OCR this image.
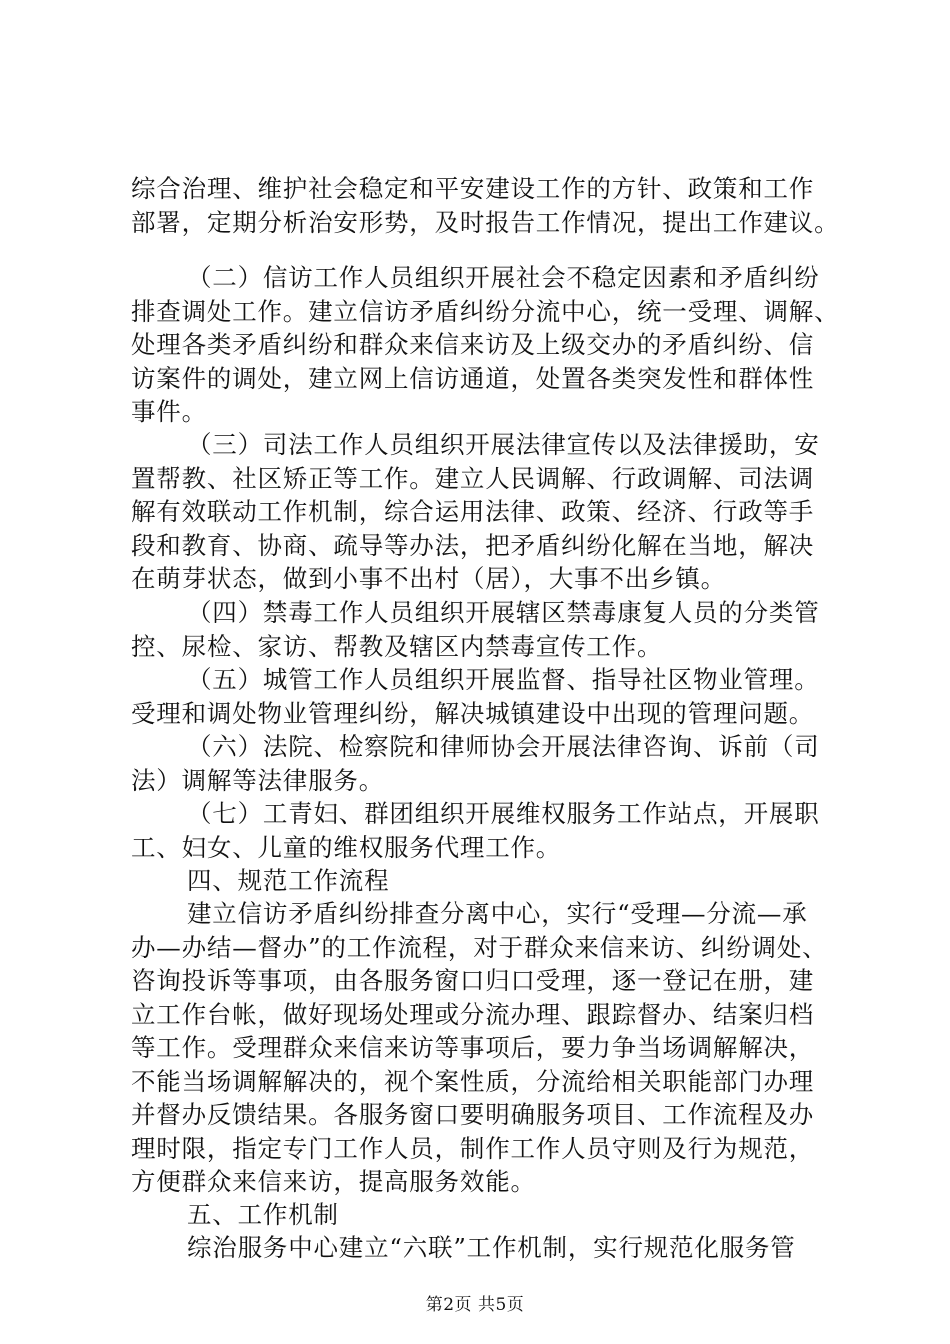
综合治理、维护社会稳定和平安建设工作的方针、政策和工作
部署，定期分析治安形势，及时报告工作情况，提出工作建议。
（二）信访工作人员组织开展社会不稳定因素和矛盾纠纷
排查调处工作。建立信访矛盾纠纷分流中心，统一受理、调解、
处理各类矛盾纠纷和群众来信来访及上级交办的矛盾纠纷、信
访案件的调处，建立网上信访通道，处置各类突发性和群体性
事件。
（三）司法工作人员组织开展法律宣传以及法律援助，安
置帮教、社区矫正等工作。建立人民调解、行政调解、司法调
解有效联动工作机制，综合运用法律、政策、经济、行政等手
段和教育、协商、疏导等办法，把矛盾纠纷化解在当地，解决
在萌芽状态，做到小事不出村（居），大事不出乡镇。
（四）禁毒工作人员组织开展辖区禁毒康复人员的分类管
控、尿检、家访、帮教及辖区内禁毒宣传工作。
（五）城管工作人员组织开展监督、指导社区物业管理。
受理和调处物业管理纠纷，解决城镇建设中出现的管理问题。
（六）法院、检察院和律师协会开展法律咨询、诉前（司
法）调解等法律服务。
（七）工青妇、群团组织开展维权服务工作站点，开展职
工、妇女、儿童的维权服务代理工作。
四、规范工作流程
建立信访矛盾纠纷排查分离中心，实行“受理—分流—承
办—办结—督办”的工作流程，对于群众来信来访、纠纷调处、
咨询投诉等事项，由各服务窗口归口受理，逐一登记在册，建
立工作台帐，做好现场处理或分流办理、跟踪督办、结案归档
等工作。受理群众来信来访等事项后，要力争当场调解解决，
不能当场调解解决的，视个案性质，分流给相关职能部门办理
并督办反馈结果。各服务窗口要明确服务项目、工作流程及办
理时限，指定专门工作人员，制作工作人员守则及行为规范，
方便群众来信来访，提高服务效能。
五、工作机制
综治服务中心建立“六联”工作机制，实行规范化服务管
第2页 共5页
